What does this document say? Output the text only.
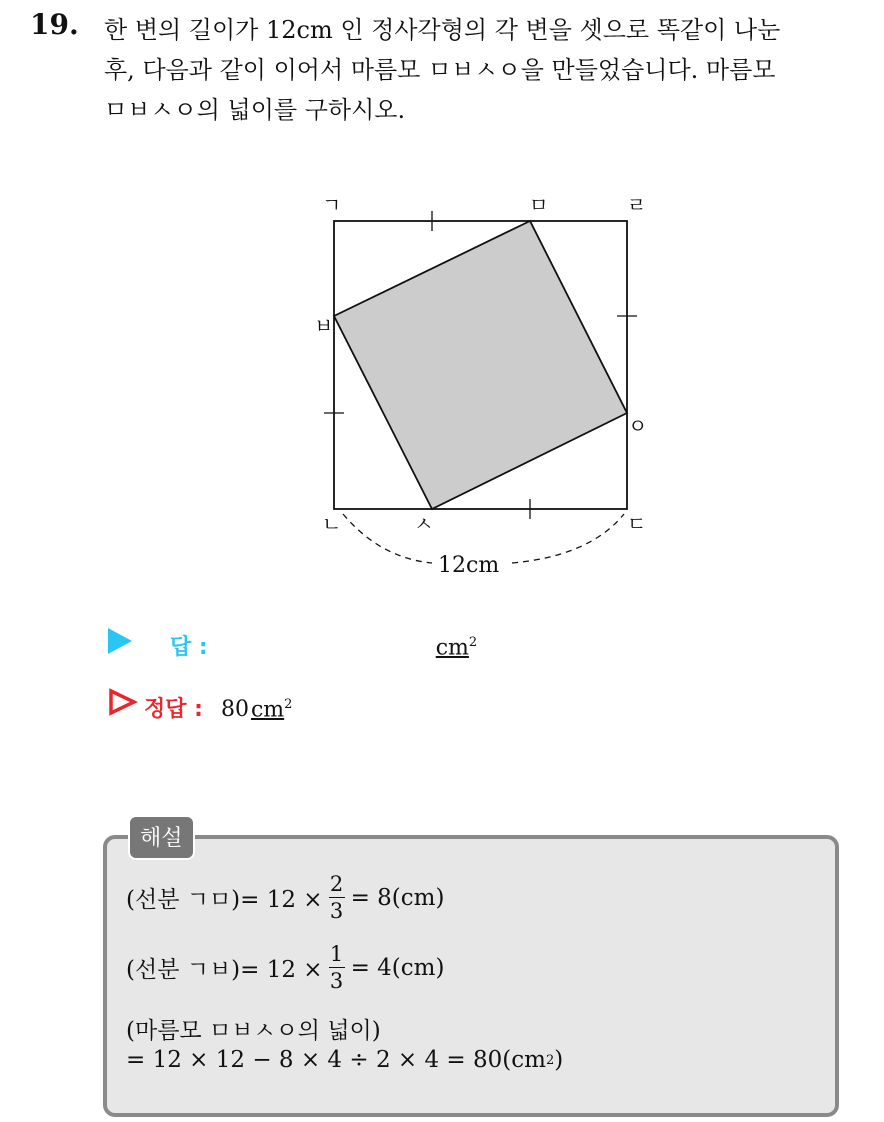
19. 한 변의 길이가 12cm 인 정사각형의 각 변을 셋으로 똑같이 나눈
후, 다음과 같이 이어서 마름모 ㅁㅂㅅㅇ을 만들었습니다. 마름모
ㅁㅂㅅㅇ의 넓이를 구하시오.
ㄱ	ㅁ	ㄹ
ㅂ
ㅇ
ㄴ	ㅅ	ㄷ
12cm
답 :	$cm^2$
정답 : 80 $cm^2$
해설
(선분 ㄱㅁ)= $12 \times \frac{2}{3} = 8(cm)$
(선분 ㄱㅂ)= $12 \times \frac{1}{3} = 4(cm)$
(마름모 ㅁㅂㅅㅇ의 넓이)
= 12 × 12 − 8 × 4 ÷ 2 × 4 = 80(cm 2 )
